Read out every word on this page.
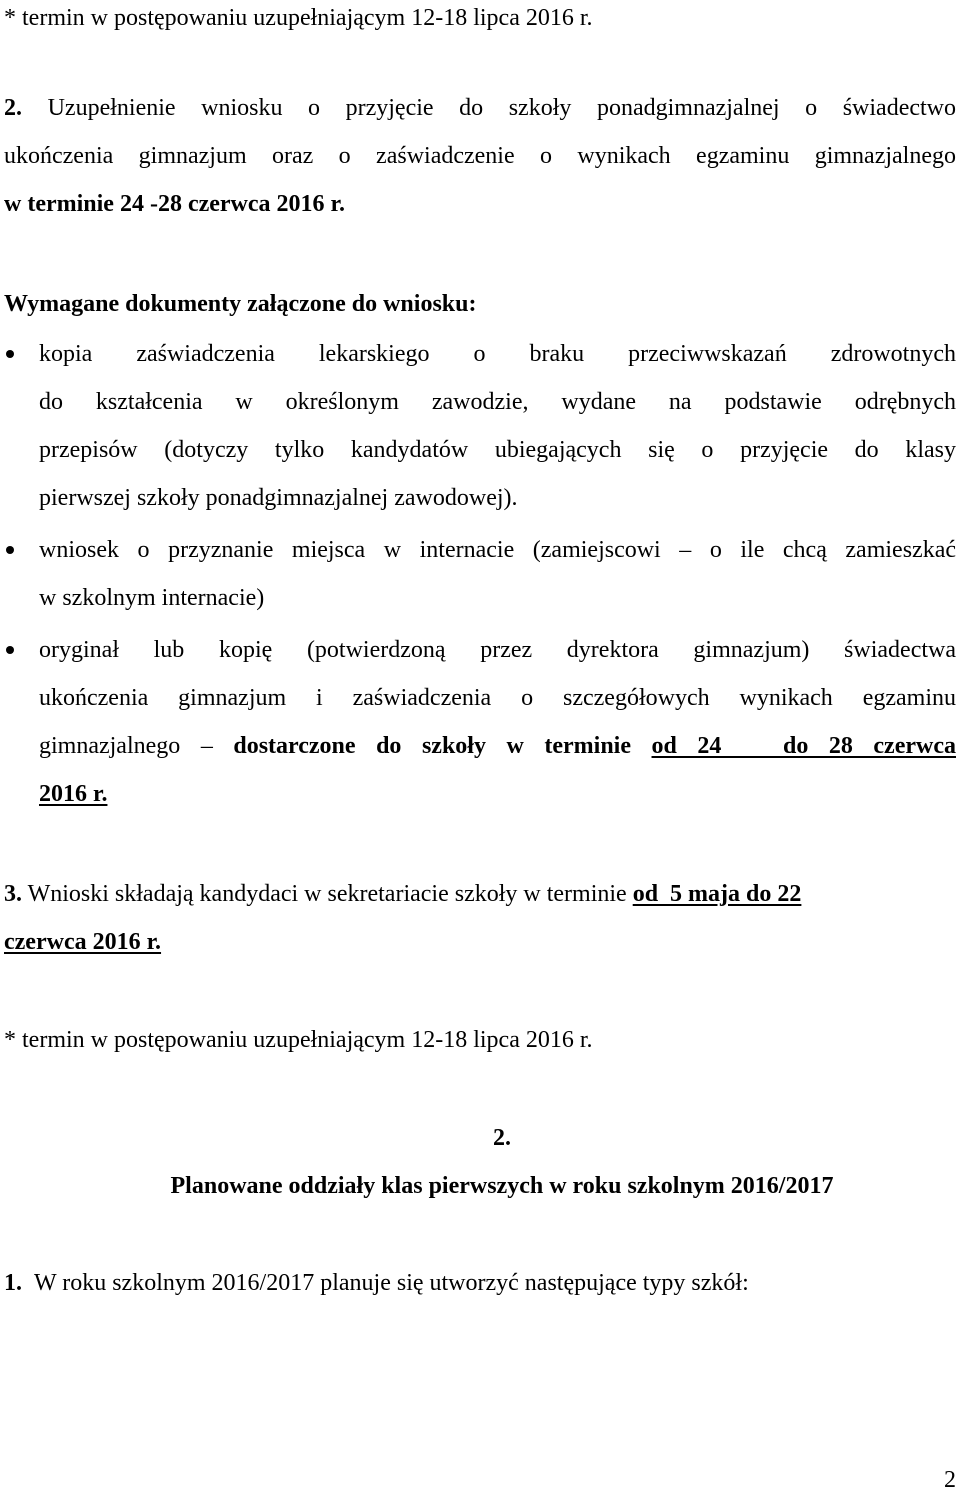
* termin w postępowaniu uzupełniającym 12-18 lipca 2016 r.
2. Uzupełnienie wniosku o przyjęcie do szkoły ponadgimnazjalnej o świadectwo
ukończenia gimnazjum oraz o zaświadczenie o wynikach egzaminu gimnazjalnego
w terminie 24 -28 czerwca 2016 r.
Wymagane dokumenty załączone do wniosku:
kopia zaświadczenia lekarskiego o braku przeciwwskazań zdrowotnych
do kształcenia w określonym zawodzie, wydane na podstawie odrębnych
przepisów (dotyczy tylko kandydatów ubiegających się o przyjęcie do klasy
pierwszej szkoły ponadgimnazjalnej zawodowej).
wniosek o przyznanie miejsca w internacie (zamiejscowi – o ile chcą zamieszkać
w szkolnym internacie)
oryginał lub kopię (potwierdzoną przez dyrektora gimnazjum) świadectwa
ukończenia gimnazjum i zaświadczenia o szczegółowych wynikach egzaminu
gimnazjalnego – dostarczone do szkoły w terminie od 24   do 28 czerwca
2016 r.
3. Wnioski składają kandydaci w sekretariacie szkoły w terminie od  5 maja do 22
czerwca 2016 r.
* termin w postępowaniu uzupełniającym 12-18 lipca 2016 r.
2.
Planowane oddziały klas pierwszych w roku szkolnym 2016/2017
1. W roku szkolnym 2016/2017 planuje się utworzyć następujące typy szkół:
2
